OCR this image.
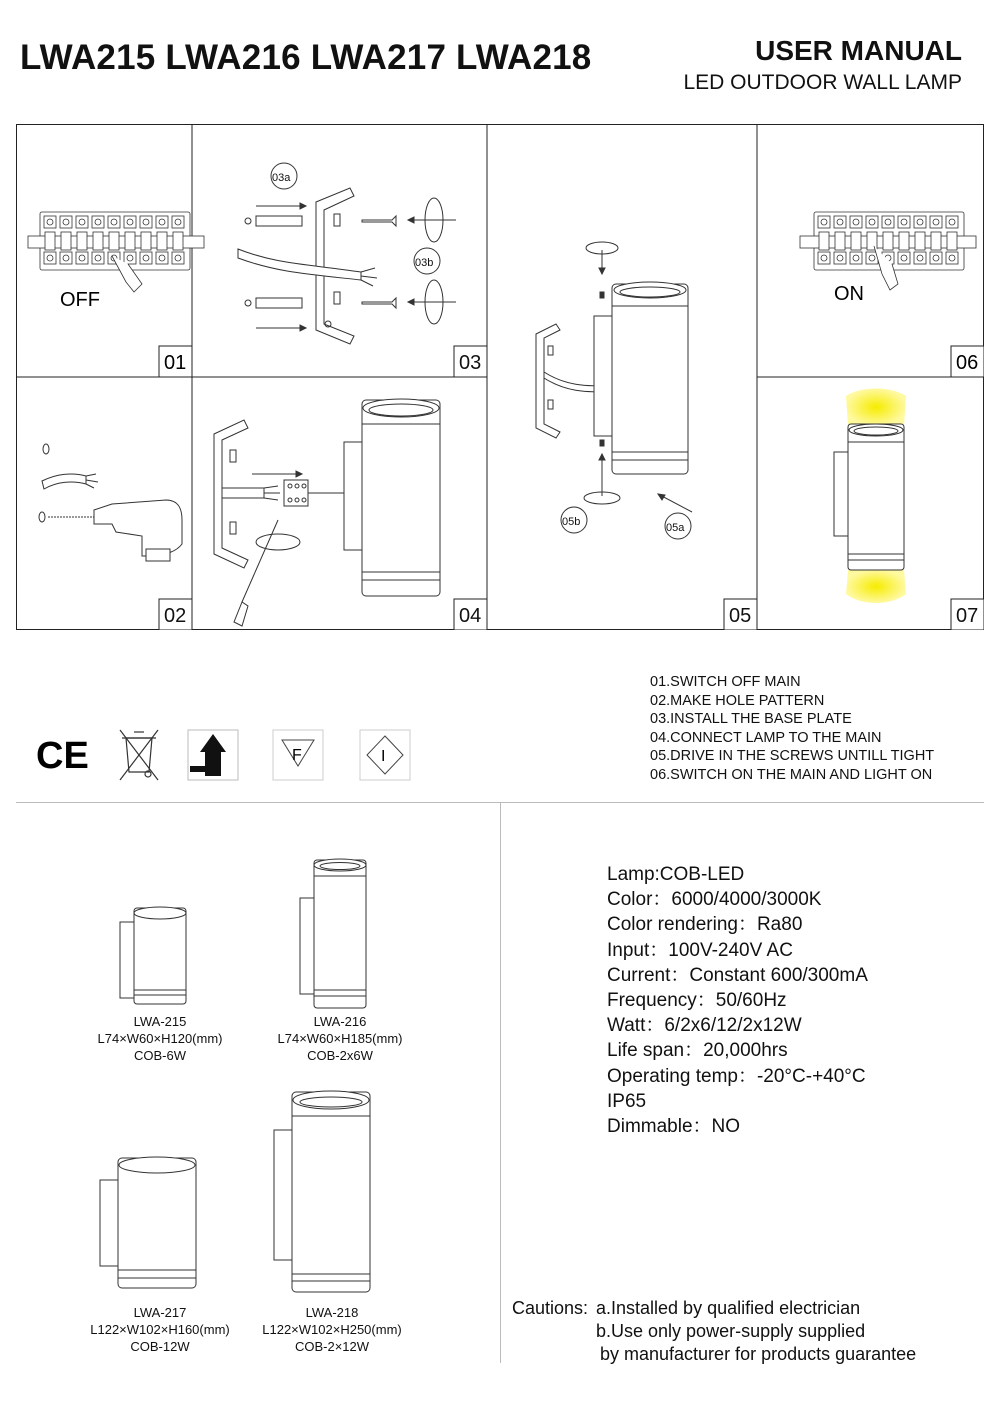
LWA215 LWA216 LWA217 LWA218	USER MANUAL
LED OUTDOOR WALL LAMP
OFF
01
03a
03b
03
05b	05a
05
ON
06
02	04	07
CE	F	I
01.SWITCH OFF MAIN
02.MAKE HOLE PATTERN
03.INSTALL THE BASE PLATE
04.CONNECT LAMP TO THE MAIN
05.DRIVE IN THE SCREWS UNTILL TIGHT
06.SWITCH ON THE MAIN AND LIGHT ON
LWA-215
L74×W60×H120(mm)
COB-6W
LWA-216
L74×W60×H185(mm)
COB-2x6W
LWA-217
L122×W102×H160(mm)
COB-12W
LWA-218
L122×W102×H250(mm)
COB-2×12W
Lamp:COB-LED
Color：6000/4000/3000K
Color rendering：Ra80
Input：100V-240V AC
Current：Constant 600/300mA
Frequency：50/60Hz
Watt：6/2x6/12/2x12W
Life span：20,000hrs
Operating temp：-20°C-+40°C
IP65
Dimmable：NO
Cautions: a.Installed by qualified electrician
b.Use only power-supply supplied
by manufacturer for products guarantee
